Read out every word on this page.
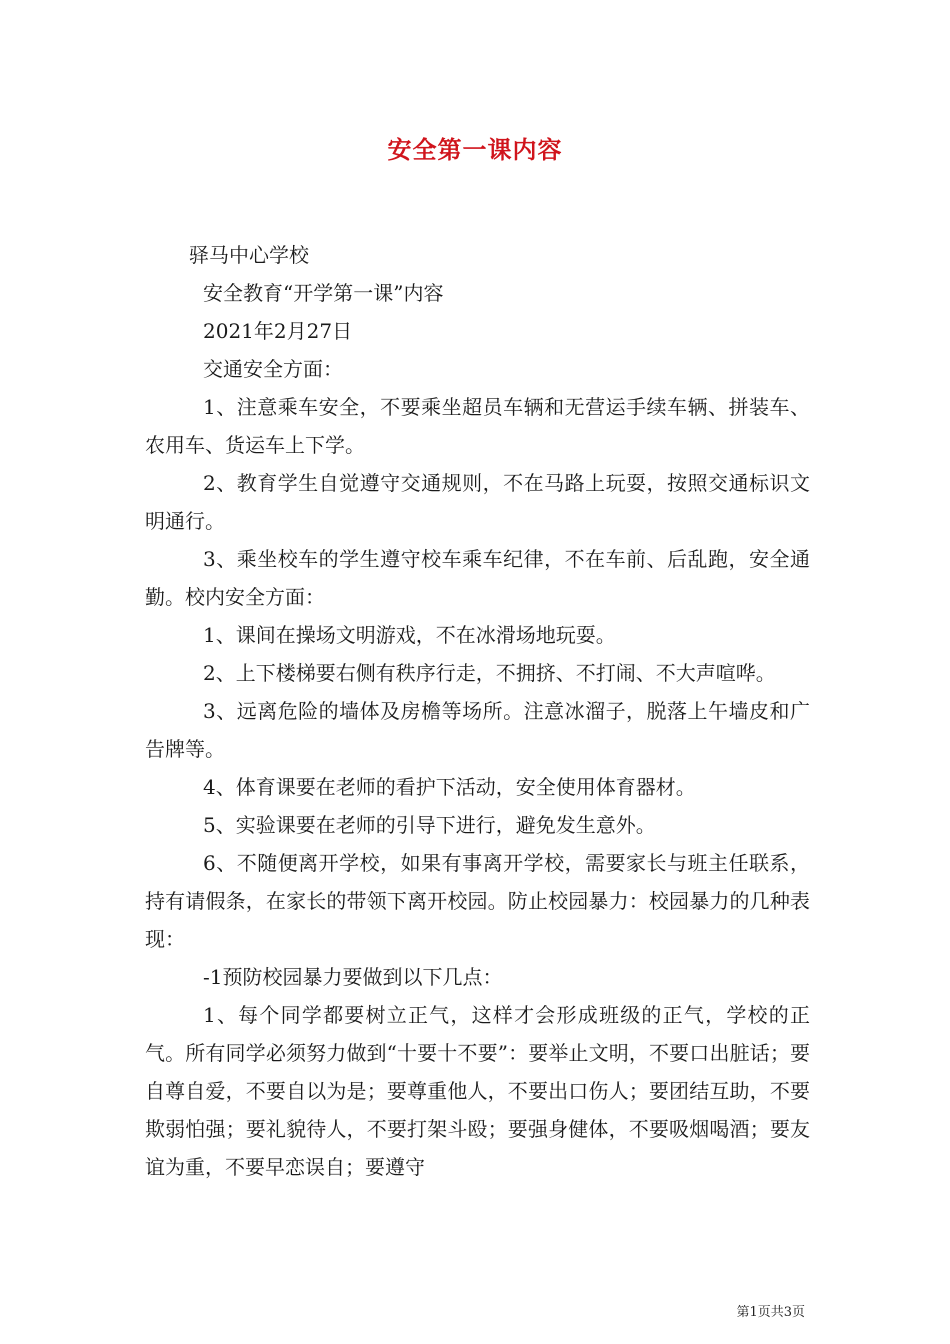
安全第一课内容

驿马中心学校

安全教育“开学第一课”内容

2021年2月27日

交通安全方面：

1、注意乘车安全，不要乘坐超员车辆和无营运手续车辆、拼装车、农用车、货运车上下学。

2、教育学生自觉遵守交通规则，不在马路上玩耍，按照交通标识文明通行。

3、乘坐校车的学生遵守校车乘车纪律，不在车前、后乱跑，安全通勤。校内安全方面：

1、课间在操场文明游戏，不在冰滑场地玩耍。

2、上下楼梯要右侧有秩序行走，不拥挤、不打闹、不大声喧哗。

3、远离危险的墙体及房檐等场所。注意冰溜子，脱落上午墙皮和广告牌等。

4、体育课要在老师的看护下活动，安全使用体育器材。

5、实验课要在老师的引导下进行，避免发生意外。

6、不随便离开学校，如果有事离开学校，需要家长与班主任联系，持有请假条，在家长的带领下离开校园。防止校园暴力：校园暴力的几种表现：

-1预防校园暴力要做到以下几点：

1、每个同学都要树立正气，这样才会形成班级的正气，学校的正气。所有同学必须努力做到“十要十不要”：要举止文明，不要口出脏话；要自尊自爱，不要自以为是；要尊重他人，不要出口伤人；要团结互助，不要欺弱怕强；要礼貌待人，不要打架斗殴；要强身健体，不要吸烟喝酒；要友谊为重，不要早恋误自；要遵守

第1页共3页
